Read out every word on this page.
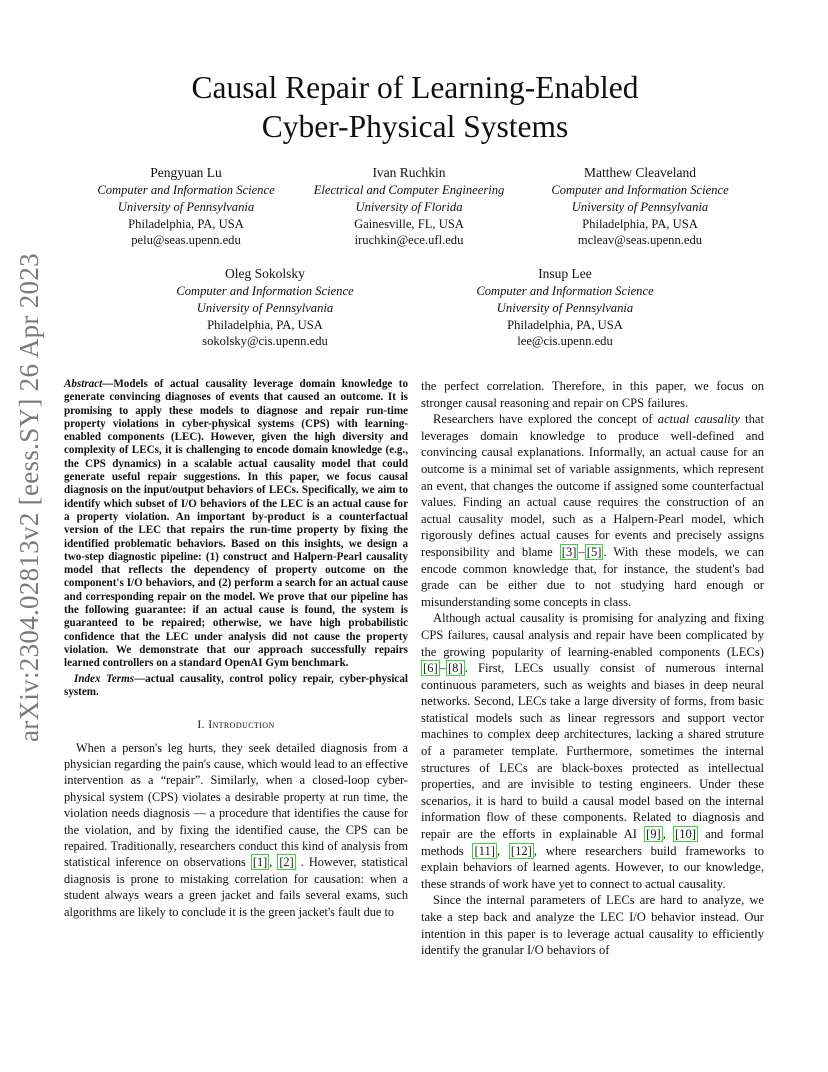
arXiv:2304.02813v2 [eess.SY] 26 Apr 2023
Causal Repair of Learning-Enabled
Cyber-Physical Systems
Pengyuan Lu
Computer and Information Science
University of Pennsylvania
Philadelphia, PA, USA
pelu@seas.upenn.edu
Ivan Ruchkin
Electrical and Computer Engineering
University of Florida
Gainesville, FL, USA
iruchkin@ece.ufl.edu
Matthew Cleaveland
Computer and Information Science
University of Pennsylvania
Philadelphia, PA, USA
mcleav@seas.upenn.edu
Oleg Sokolsky
Computer and Information Science
University of Pennsylvania
Philadelphia, PA, USA
sokolsky@cis.upenn.edu
Insup Lee
Computer and Information Science
University of Pennsylvania
Philadelphia, PA, USA
lee@cis.upenn.edu

Abstract—Models of actual causality leverage domain knowledge to generate convincing diagnoses of events that caused an outcome. It is promising to apply these models to diagnose and repair run-time property violations in cyber-physical systems (CPS) with learning-enabled components (LEC). However, given the high diversity and complexity of LECs, it is challenging to encode domain knowledge (e.g., the CPS dynamics) in a scalable actual causality model that could generate useful repair suggestions. In this paper, we focus causal diagnosis on the input/output behaviors of LECs. Specifically, we aim to identify which subset of I/O behaviors of the LEC is an actual cause for a property violation. An important by-product is a counterfactual version of the LEC that repairs the run-time property by fixing the identified problematic behaviors. Based on this insights, we design a two-step diagnostic pipeline: (1) construct and Halpern-Pearl causality model that reflects the dependency of property outcome on the component's I/O behaviors, and (2) perform a search for an actual cause and corresponding repair on the model. We prove that our pipeline has the following guarantee: if an actual cause is found, the system is guaranteed to be repaired; otherwise, we have high probabilistic confidence that the LEC under analysis did not cause the property violation. We demonstrate that our approach successfully repairs learned controllers on a standard OpenAI Gym benchmark.

Index Terms—actual causality, control policy repair, cyber-physical system.

I. Introduction

When a person's leg hurts, they seek detailed diagnosis from a physician regarding the pain's cause, which would lead to an effective intervention as a “repair”. Similarly, when a closed-loop cyber-physical system (CPS) violates a desirable property at run time, the violation needs diagnosis — a procedure that identifies the cause for the violation, and by fixing the identified cause, the CPS can be repaired. Traditionally, researchers conduct this kind of analysis from statistical inference on observations [1] , [2] . However, statistical diagnosis is prone to mistaking correlation for causation: when a student always wears a green jacket and fails several exams, such algorithms are likely to conclude it is the green jacket's fault due to

the perfect correlation. Therefore, in this paper, we focus on stronger causal reasoning and repair on CPS failures.

Researchers have explored the concept of actual causality that leverages domain knowledge to produce well-defined and convincing causal explanations. Informally, an actual cause for an outcome is a minimal set of variable assignments, which represent an event, that changes the outcome if assigned some counterfactual values. Finding an actual cause requires the construction of an actual causality model, such as a Halpern-Pearl model, which rigorously defines actual causes for events and precisely assigns responsibility and blame [3] – [5] . With these models, we can encode common knowledge that, for instance, the student's bad grade can be either due to not studying hard enough or misunderstanding some concepts in class.

Although actual causality is promising for analyzing and fixing CPS failures, causal analysis and repair have been complicated by the growing popularity of learning-enabled components (LECs) [6] – [8] . First, LECs usually consist of numerous internal continuous parameters, such as weights and biases in deep neural networks. Second, LECs take a large diversity of forms, from basic statistical models such as linear regressors and support vector machines to complex deep architectures, lacking a shared struture of a parameter template. Furthermore, sometimes the internal structures of LECs are black-boxes protected as intellectual properties, and are invisible to testing engineers. Under these scenarios, it is hard to build a causal model based on the internal information flow of these components. Related to diagnosis and repair are the efforts in explainable AI [9] , [10] and formal methods [11] , [12] , where researchers build frameworks to explain behaviors of learned agents. However, to our knowledge, these strands of work have yet to connect to actual causality.

Since the internal parameters of LECs are hard to analyze, we take a step back and analyze the LEC I/O behavior instead. Our intention in this paper is to leverage actual causality to efficiently identify the granular I/O behaviors of
